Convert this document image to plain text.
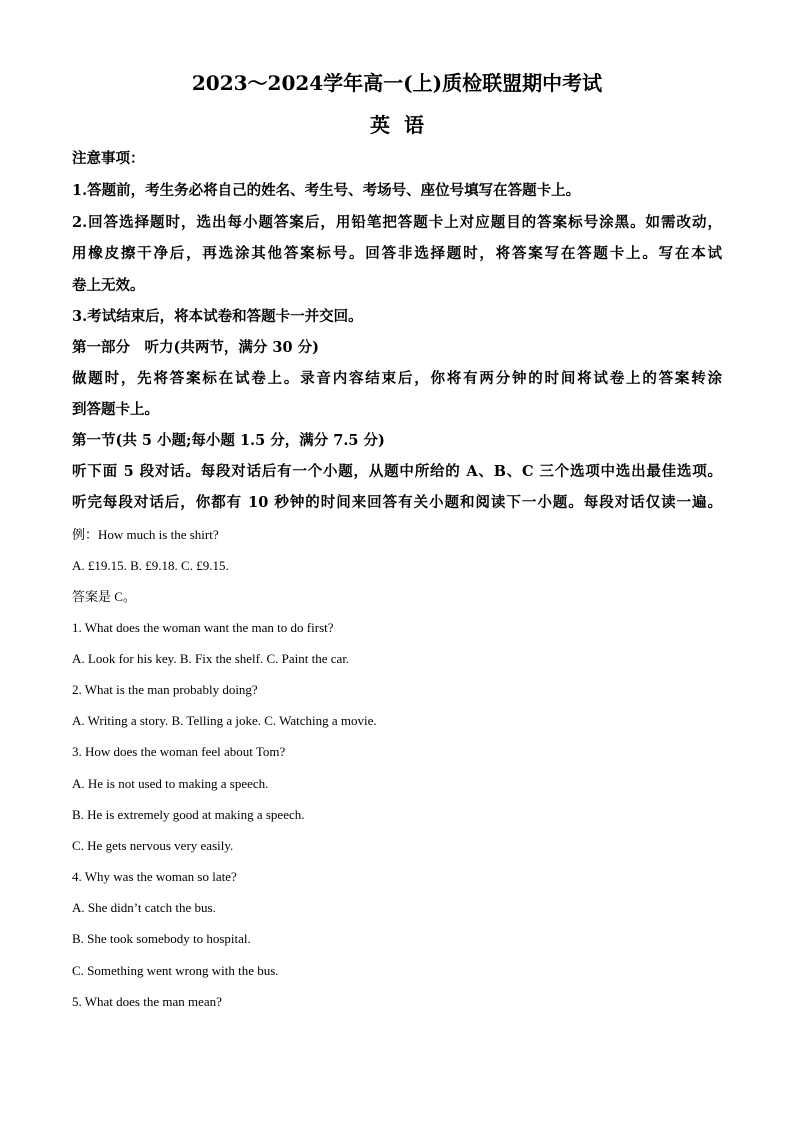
2023～2024学年高一(上)质检联盟期中考试
英语
注意事项：
1.答题前，考生务必将自己的姓名、考生号、考场号、座位号填写在答题卡上。
2.回答选择题时，选出每小题答案后，用铅笔把答题卡上对应题目的答案标号涂黑。如需改动，
用橡皮擦干净后，再选涂其他答案标号。回答非选择题时，将答案写在答题卡上。写在本试
卷上无效。
3.考试结束后，将本试卷和答题卡一并交回。
第一部分　听力(共两节，满分 30 分)
做题时，先将答案标在试卷上。录音内容结束后，你将有两分钟的时间将试卷上的答案转涂
到答题卡上。
第一节(共 5 小题;每小题 1.5 分，满分 7.5 分)
听下面 5 段对话。每段对话后有一个小题，从题中所给的 A、B、C 三个选项中选出最佳选项。
听完每段对话后，你都有 10 秒钟的时间来回答有关小题和阅读下一小题。每段对话仅读一遍。
例：How much is the shirt?
A. £19.15. B. £9.18. C. £9.15.
答案是 C。
1. What does the woman want the man to do first?
A. Look for his key. B. Fix the shelf. C. Paint the car.
2. What is the man probably doing?
A. Writing a story. B. Telling a joke. C. Watching a movie.
3. How does the woman feel about Tom?
A. He is not used to making a speech.
B. He is extremely good at making a speech.
C. He gets nervous very easily.
4. Why was the woman so late?
A. She didn’t catch the bus.
B. She took somebody to hospital.
C. Something went wrong with the bus.
5. What does the man mean?
